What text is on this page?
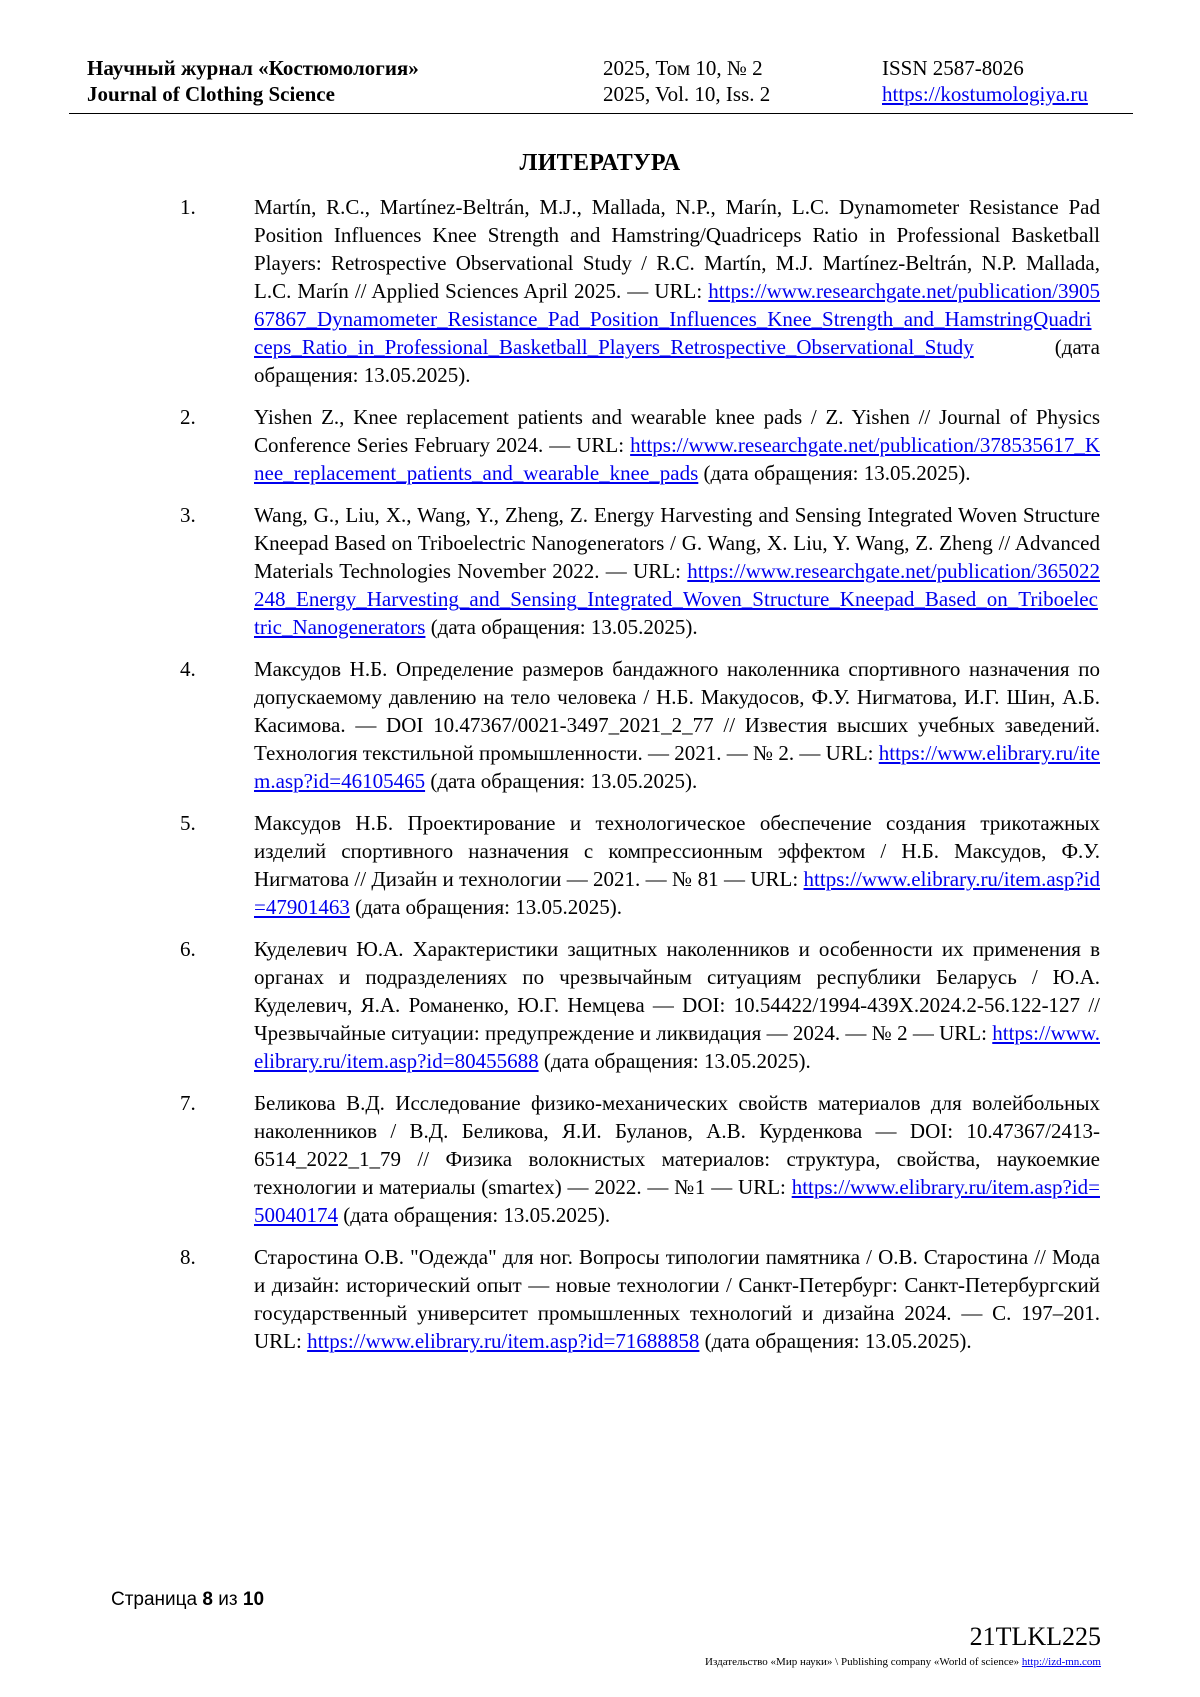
Научный журнал «Костюмология»	2025, Том 10, № 2	ISSN 2587-8026
Journal of Clothing Science	2025, Vol. 10, Iss. 2	https://kostumologiya.ru
ЛИТЕРАТУРА
1.	Martín, R.C., Martínez-Beltrán, M.J., Mallada, N.P., Marín, L.C. Dynamometer Resistance Pad Position Influences Knee Strength and Hamstring/Quadriceps Ratio in Professional Basketball Players: Retrospective Observational Study / R.C. Martín, M.J. Martínez-Beltrán, N.P. Mallada, L.C. Marín // Applied Sciences April 2025. — URL: https://www.researchgate.net/publication/390567867_Dynamometer_Resistance_Pad_Position_Influences_Knee_Strength_and_HamstringQuadriceps_Ratio_in_Professional_Basketball_Players_Retrospective_Observational_Study (дата обращения: 13.05.2025).
2.	Yishen Z., Knee replacement patients and wearable knee pads / Z. Yishen // Journal of Physics Conference Series February 2024. — URL: https://www.researchgate.net/publication/378535617_Knee_replacement_patients_and_wearable_knee_pads (дата обращения: 13.05.2025).
3.	Wang, G., Liu, X., Wang, Y., Zheng, Z. Energy Harvesting and Sensing Integrated Woven Structure Kneepad Based on Triboelectric Nanogenerators / G. Wang, X. Liu, Y. Wang, Z. Zheng // Advanced Materials Technologies November 2022. — URL: https://www.researchgate.net/publication/365022248_Energy_Harvesting_and_Sensing_Integrated_Woven_Structure_Kneepad_Based_on_Triboelectric_Nanogenerators (дата обращения: 13.05.2025).
4.	Максудов Н.Б. Определение размеров бандажного наколенника спортивного назначения по допускаемому давлению на тело человека / Н.Б. Макудосов, Ф.У. Нигматова, И.Г. Шин, А.Б. Касимова. — DOI 10.47367/0021-3497_2021_2_77 // Известия высших учебных заведений. Технология текстильной промышленности. — 2021. — № 2. — URL: https://www.elibrary.ru/item.asp?id=46105465 (дата обращения: 13.05.2025).
5.	Максудов Н.Б. Проектирование и технологическое обеспечение создания трикотажных изделий спортивного назначения с компрессионным эффектом / Н.Б. Максудов, Ф.У. Нигматова // Дизайн и технологии — 2021. — № 81 — URL: https://www.elibrary.ru/item.asp?id=47901463 (дата обращения: 13.05.2025).
6.	Куделевич Ю.А. Характеристики защитных наколенников и особенности их применения в органах и подразделениях по чрезвычайным ситуациям республики Беларусь / Ю.А. Куделевич, Я.А. Романенко, Ю.Г. Немцева — DOI: 10.54422/1994-439X.2024.2-56.122-127 // Чрезвычайные ситуации: предупреждение и ликвидация — 2024. — № 2 — URL: https://www.elibrary.ru/item.asp?id=80455688 (дата обращения: 13.05.2025).
7.	Беликова В.Д. Исследование физико-механических свойств материалов для волейбольных наколенников / В.Д. Беликова, Я.И. Буланов, А.В. Курденкова — DOI: 10.47367/2413-6514_2022_1_79 // Физика волокнистых материалов: структура, свойства, наукоемкие технологии и материалы (smartex) — 2022. — №1 — URL: https://www.elibrary.ru/item.asp?id=50040174 (дата обращения: 13.05.2025).
8.	Старостина О.В. "Одежда" для ног. Вопросы типологии памятника / О.В. Старостина // Мода и дизайн: исторический опыт — новые технологии / Санкт-Петербург: Санкт-Петербургский государственный университет промышленных технологий и дизайна 2024. — С. 197–201. URL: https://www.elibrary.ru/item.asp?id=71688858 (дата обращения: 13.05.2025).
Страница 8 из 10
21TLKL225
Издательство «Мир науки» \ Publishing company «World of science» http://izd-mn.com
